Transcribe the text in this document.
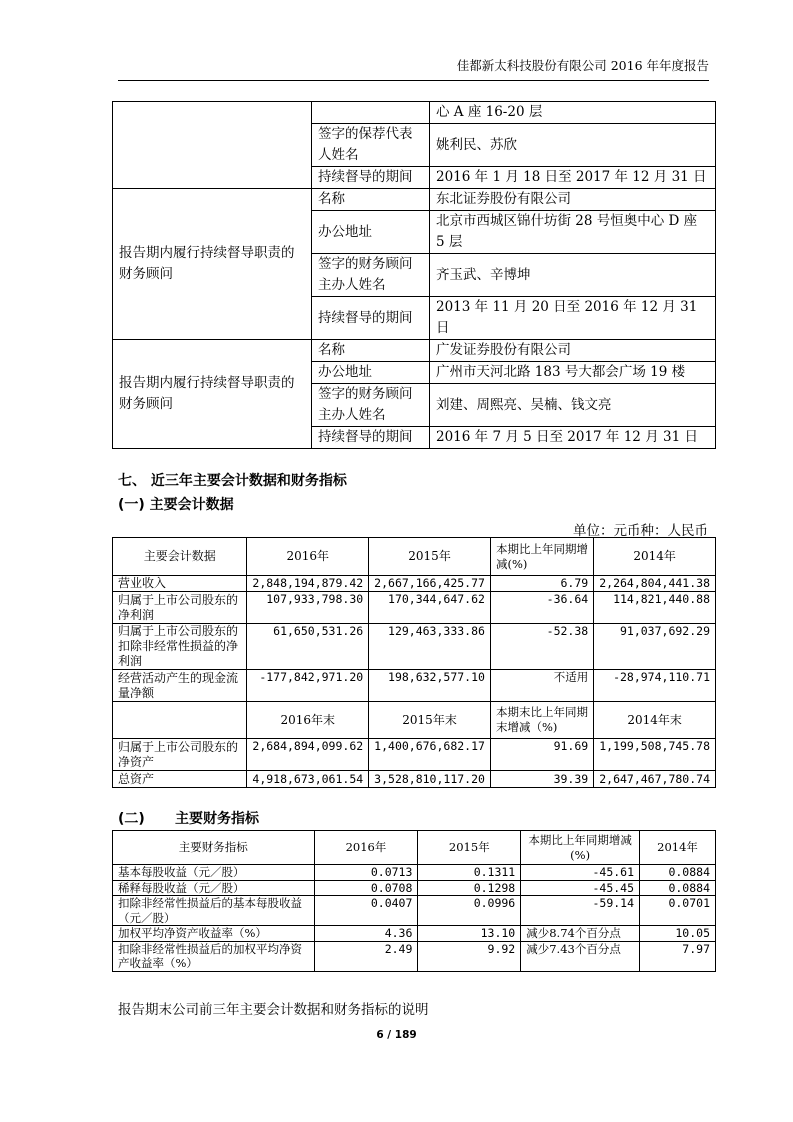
佳都新太科技股份有限公司 2016 年年度报告
		心 A 座 16-20 层
	签字的保荐代表人姓名	姚利民、苏欣
	持续督导的期间	2016 年 1 月 18 日至 2017 年 12 月 31 日
报告期内履行持续督导职责的财务顾问	名称	东北证券股份有限公司
	办公地址	北京市西城区锦什坊街 28 号恒奥中心 D 座 5 层
	签字的财务顾问主办人姓名	齐玉武、辛博坤
	持续督导的期间	2013 年 11 月 20 日至 2016 年 12 月 31 日
报告期内履行持续督导职责的财务顾问	名称	广发证券股份有限公司
	办公地址	广州市天河北路 183 号大都会广场 19 楼
	签字的财务顾问主办人姓名	刘建、周熙亮、吴楠、钱文亮
	持续督导的期间	2016 年 7 月 5 日至 2017 年 12 月 31 日
七、 近三年主要会计数据和财务指标
(一) 主要会计数据
单位：元币种：人民币
主要会计数据	2016年	2015年	本期比上年同期增减(%)	2014年
营业收入	2,848,194,879.42	2,667,166,425.77	6.79	2,264,804,441.38
归属于上市公司股东的净利润	107,933,798.30	170,344,647.62	-36.64	114,821,440.88
归属于上市公司股东的扣除非经常性损益的净利润	61,650,531.26	129,463,333.86	-52.38	91,037,692.29
经营活动产生的现金流量净额	-177,842,971.20	198,632,577.10	不适用	-28,974,110.71
	2016年末	2015年末	本期末比上年同期末增减（%)	2014年末
归属于上市公司股东的净资产	2,684,894,099.62	1,400,676,682.17	91.69	1,199,508,745.78
总资产	4,918,673,061.54	3,528,810,117.20	39.39	2,647,467,780.74
(二) 主要财务指标
主要财务指标	2016年	2015年	本期比上年同期增减(%)	2014年
基本每股收益（元／股）	0.0713	0.1311	-45.61	0.0884
稀释每股收益（元／股）	0.0708	0.1298	-45.45	0.0884
扣除非经常性损益后的基本每股收益（元／股）	0.0407	0.0996	-59.14	0.0701
加权平均净资产收益率（%）	4.36	13.10	减少8.74个百分点	10.05
扣除非经常性损益后的加权平均净资产收益率（%）	2.49	9.92	减少7.43个百分点	7.97
报告期末公司前三年主要会计数据和财务指标的说明
6 / 189
